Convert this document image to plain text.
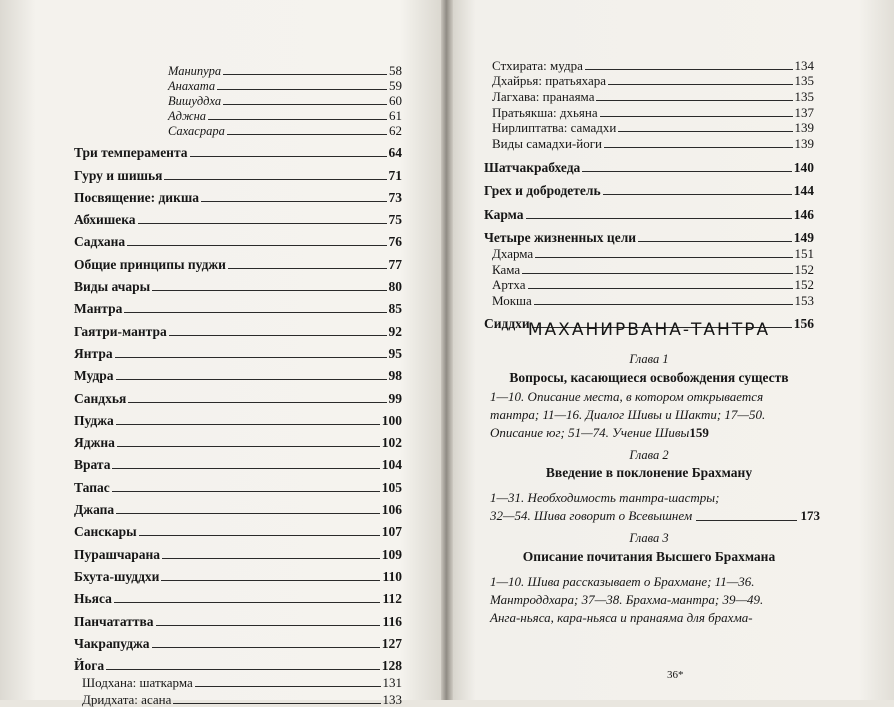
Манипура	58
Анахата	59
Вишуддха	60
Аджна	61
Сахасрара	62
Три темперамента	64
Гуру и шишья	71
Посвящение: дикша	73
Абхишека	75
Садхана	76
Общие принципы пуджи	77
Виды ачары	80
Мантра	85
Гаятри-мантра	92
Янтра	95
Мудра	98
Сандхья	99
Пуджа	100
Яджна	102
Врата	104
Тапас	105
Джапа	106
Санскары	107
Пурашчарана	109
Бхута-шуддхи	110
Ньяса	112
Панчататтва	116
Чакрапуджа	127
Йога	128
Шодхана: шаткарма	131
Дридхата: асана	133
Стхирата: мудра	134
Дхайрья: пратьяхара	135
Лагхава: пранаяма	135
Пратьякша: дхьяна	137
Нирлиптатва: самадхи	139
Виды самадхи-йоги	139
Шатчакрабхеда	140
Грех и добродетель	144
Карма	146
Четыре жизненных цели	149
Дхарма	151
Кама	152
Артха	152
Мокша	153
Сиддхи	156
МАХАНИРВАНА-ТАНТРА
Глава 1
Вопросы, касающиеся освобождения существ
1—10. Описание места, в котором открывается
тантра; 11—16. Диалог Шивы и Шакти; 17—50.
Описание юг; 51—74. Учение Шивы 159
Глава 2
Введение в поклонение Брахману
1—31. Необходимость тантра-шастры;
32—54. Шива говорит о Всевышнем	173
Глава 3
Описание почитания Высшего Брахмана
1—10. Шива рассказывает о Брахмане; 11—36.
Мантроддхара; 37—38. Брахма-мантра; 39—49.
Анга-ньяса, кара-ньяса и пранаяма для брахма-
36*
